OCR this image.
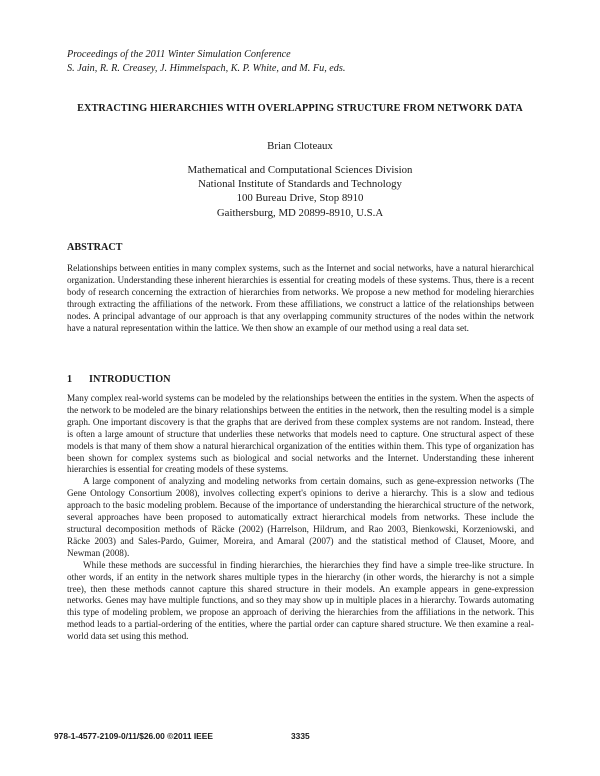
Proceedings of the 2011 Winter Simulation Conference
S. Jain, R. R. Creasey, J. Himmelspach, K. P. White, and M. Fu, eds.
EXTRACTING HIERARCHIES WITH OVERLAPPING STRUCTURE FROM NETWORK DATA
Brian Cloteaux
Mathematical and Computational Sciences Division
National Institute of Standards and Technology
100 Bureau Drive, Stop 8910
Gaithersburg, MD 20899-8910, U.S.A
ABSTRACT

Relationships between entities in many complex systems, such as the Internet and social networks, have a natural hierarchical organization. Understanding these inherent hierarchies is essential for creating models of these systems. Thus, there is a recent body of research concerning the extraction of hierarchies from networks. We propose a new method for modeling hierarchies through extracting the affiliations of the network. From these affiliations, we construct a lattice of the relationships between nodes. A principal advantage of our approach is that any overlapping community structures of the nodes within the network have a natural representation within the lattice. We then show an example of our method using a real data set.

1 INTRODUCTION

Many complex real-world systems can be modeled by the relationships between the entities in the system. When the aspects of the network to be modeled are the binary relationships between the entities in the network, then the resulting model is a simple graph. One important discovery is that the graphs that are derived from these complex systems are not random. Instead, there is often a large amount of structure that underlies these networks that models need to capture. One structural aspect of these models is that many of them show a natural hierarchical organization of the entities within them. This type of organization has been shown for complex systems such as biological and social networks and the Internet. Understanding these inherent hierarchies is essential for creating models of these systems.

A large component of analyzing and modeling networks from certain domains, such as gene-expression networks (The Gene Ontology Consortium 2008), involves collecting expert's opinions to derive a hierarchy. This is a slow and tedious approach to the basic modeling problem. Because of the importance of understanding the hierarchical structure of the network, several approaches have been proposed to automatically extract hierarchical models from networks. These include the structural decomposition methods of Räcke (2002) (Harrelson, Hildrum, and Rao 2003, Bienkowski, Korzeniowski, and Räcke 2003) and Sales-Pardo, Guimer, Moreira, and Amaral (2007) and the statistical method of Clauset, Moore, and Newman (2008).

While these methods are successful in finding hierarchies, the hierarchies they find have a simple tree-like structure. In other words, if an entity in the network shares multiple types in the hierarchy (in other words, the hierarchy is not a simple tree), then these methods cannot capture this shared structure in their models. An example appears in gene-expression networks. Genes may have multiple functions, and so they may show up in multiple places in a hierarchy. Towards automating this type of modeling problem, we propose an approach of deriving the hierarchies from the affiliations in the network. This method leads to a partial-ordering of the entities, where the partial order can capture shared structure. We then examine a real-world data set using this method.

978-1-4577-2109-0/11/$26.00 ©2011 IEEE	3335
